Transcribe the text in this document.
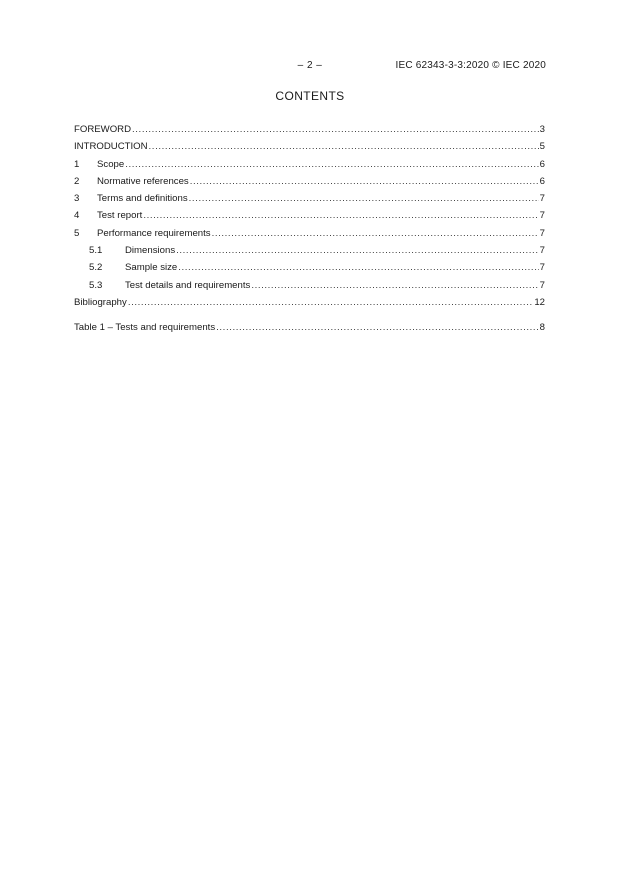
– 2 –	IEC 62343-3-3:2020 © IEC 2020
CONTENTS
FOREWORD .....	3
INTRODUCTION .....	5
1	Scope .....	6
2	Normative references .....	6
3	Terms and definitions .....	7
4	Test report .....	7
5	Performance requirements .....	7
5.1	Dimensions .....	7
5.2	Sample size .....	7
5.3	Test details and requirements .....	7
Bibliography .....	12
Table 1 – Tests and requirements .....	8
